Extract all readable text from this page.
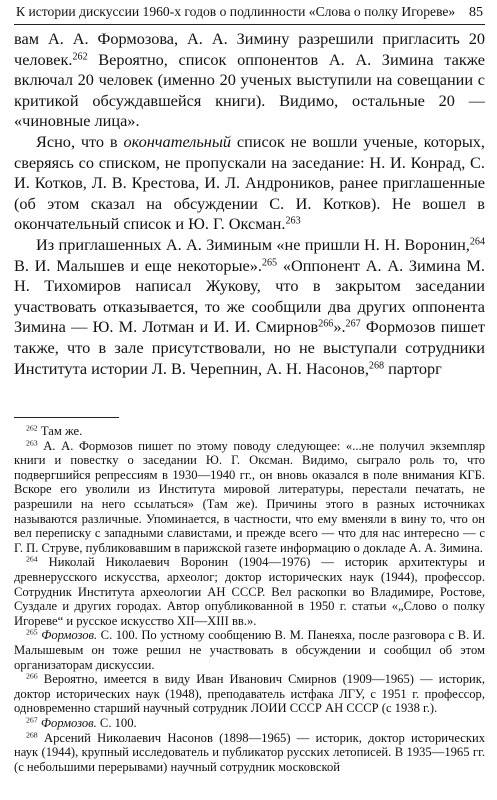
К истории дискуссии 1960-х годов о подлинности «Слова о полку Игореве» 85

вам А. А. Формозова, А. А. Зимину разрешили пригласить 20 человек.$^{262}$ Вероятно, список оппонентов А. А. Зимина также включал 20 человек (именно 20 ученых выступили на совещании с критикой обсуждавшейся книги). Видимо, остальные 20 — «чиновные лица».

Ясно, что в окончательный список не вошли ученые, которых, сверяясь со списком, не пропускали на заседание: Н. И. Конрад, С. И. Котков, Л. В. Крестова, И. Л. Андроников, ранее приглашенные (об этом сказал на обсуждении С. И. Котков). Не вошел в окончательный список и Ю. Г. Оксман.$^{263}$

Из приглашенных А. А. Зиминым «не пришли Н. Н. Воронин,$^{264}$ В. И. Малышев и еще некоторые».$^{265}$ «Оппонент А. А. Зимина М. Н. Тихомиров написал Жукову, что в закрытом заседании участвовать отказывается, то же сообщили два других оппонента Зимина — Ю. М. Лотман и И. И. Смирнов$^{266}$».$^{267}$ Формозов пишет также, что в зале присутствовали, но не выступали сотрудники Института истории Л. В. Черепнин, А. Н. Насонов,$^{268}$ парторг

$^{262}$ Там же.

$^{263}$ А. А. Формозов пишет по этому поводу следующее: «...не получил экземпляр книги и повестку о заседании Ю. Г. Оксман. Видимо, сыграло роль то, что подвергшийся репрессиям в 1930—1940 гг., он вновь оказался в поле внимания КГБ. Вскоре его уволили из Института мировой литературы, перестали печатать, не разрешили на него ссылаться» (Там же). Причины этого в разных источниках называются различные. Упоминается, в частности, что ему вменяли в вину то, что он вел переписку с западными славистами, и прежде всего — что для нас интересно — с Г. П. Струве, публиковавшим в парижской газете информацию о докладе А. А. Зимина.

$^{264}$ Николай Николаевич Воронин (1904—1976) — историк архитектуры и древнерусского искусства, археолог; доктор исторических наук (1944), профессор. Сотрудник Института археологии АН СССР. Вел раскопки во Владимире, Ростове, Суздале и других городах. Автор опубликованной в 1950 г. статьи «„Слово о полку Игореве“ и русское искусство XII—XIII вв.».

$^{265}$ Формозов. С. 100. По устному сообщению В. М. Панеяха, после разговора с В. И. Малышевым он тоже решил не участвовать в обсуждении и сообщил об этом организаторам дискуссии.

$^{266}$ Вероятно, имеется в виду Иван Иванович Смирнов (1909—1965) — историк, доктор исторических наук (1948), преподаватель истфака ЛГУ, с 1951 г. профессор, одновременно старший научный сотрудник ЛОИИ СССР АН СССР (с 1938 г.).

$^{267}$ Формозов. С. 100.

$^{268}$ Арсений Николаевич Насонов (1898—1965) — историк, доктор исторических наук (1944), крупный исследователь и публикатор русских летописей. В 1935—1965 гг. (с небольшими перерывами) научный сотрудник московской
